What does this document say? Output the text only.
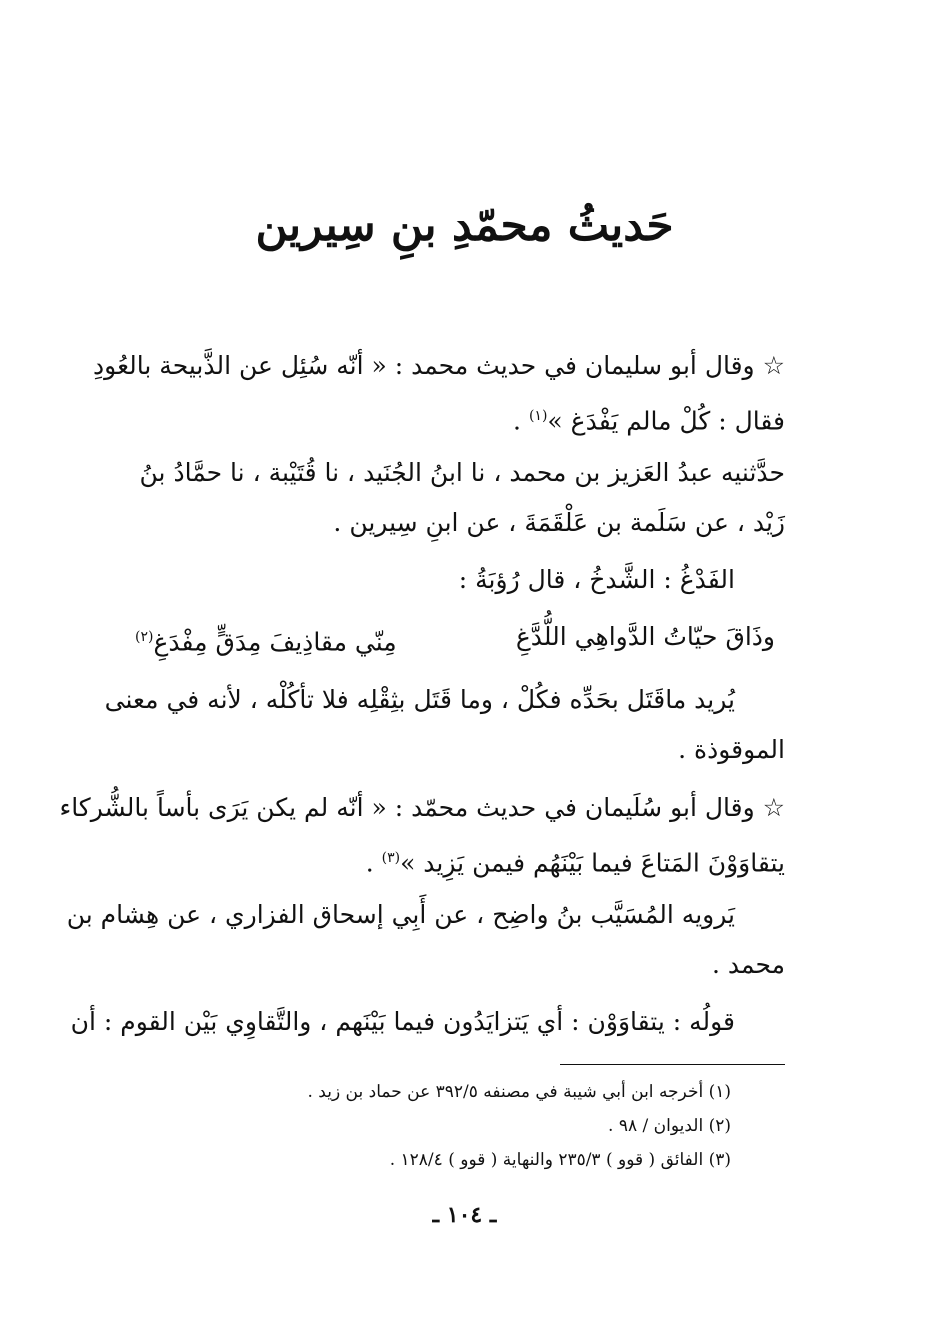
حَديثُ محمّدِ بنِ سِيرين
☆ وقال أبو سليمان في حديث محمد : « أنّه سُئِل عن الذَّبيحة بالعُودِ
فقال : كُلْ مالم يَفْدَغ »$^{(١)}$ .
حدَّثنيه عبدُ العَزيز بن محمد ، نا ابنُ الجُنَيد ، نا قُتَيْبة ، نا حمَّادُ بنُ
زَيْد ، عن سَلَمة بن عَلْقَمَةَ ، عن ابنِ سِيرين .
الفَدْغُ : الشَّدخُ ، قال رُؤبَةُ :
وذَاقَ حيّاتُ الدَّواهِي اللُّدَّغِ
مِنّي مقاذِيفَ مِدَقٍّ مِفْدَغِ$^{(٢)}$
يُريد ماقَتَل بحَدِّه فكُلْ ، وما قَتَل بثِقْلِه فلا تأكُلْه ، لأنه في معنى
الموقوذة .
☆ وقال أبو سُلَيمان في حديث محمّد : « أنّه لم يكن يَرَى بأساً بالشُّركاء
يتقاوَوْنَ المَتاعَ فيما بَيْنَهُم فيمن يَزِيد »$^{(٣)}$ .
يَرويه المُسَيَّب بنُ واضِح ، عن أَبِي إسحاق الفزاري ، عن هِشام بن
محمد .
قولُه : يتقاوَوْن : أي يَتزايَدُون فيما بَيْنَهم ، والتَّقاوِي بَيْن القوم : أن
(١) أخرجه ابن أبي شيبة في مصنفه ٣٩٢/٥ عن حماد بن زيد .
(٢) الديوان / ٩٨ .
(٣) الفائق ( قوو ) ٢٣٥/٣ والنهاية ( قوو ) ١٢٨/٤ .
ـ ١٠٤ ـ
